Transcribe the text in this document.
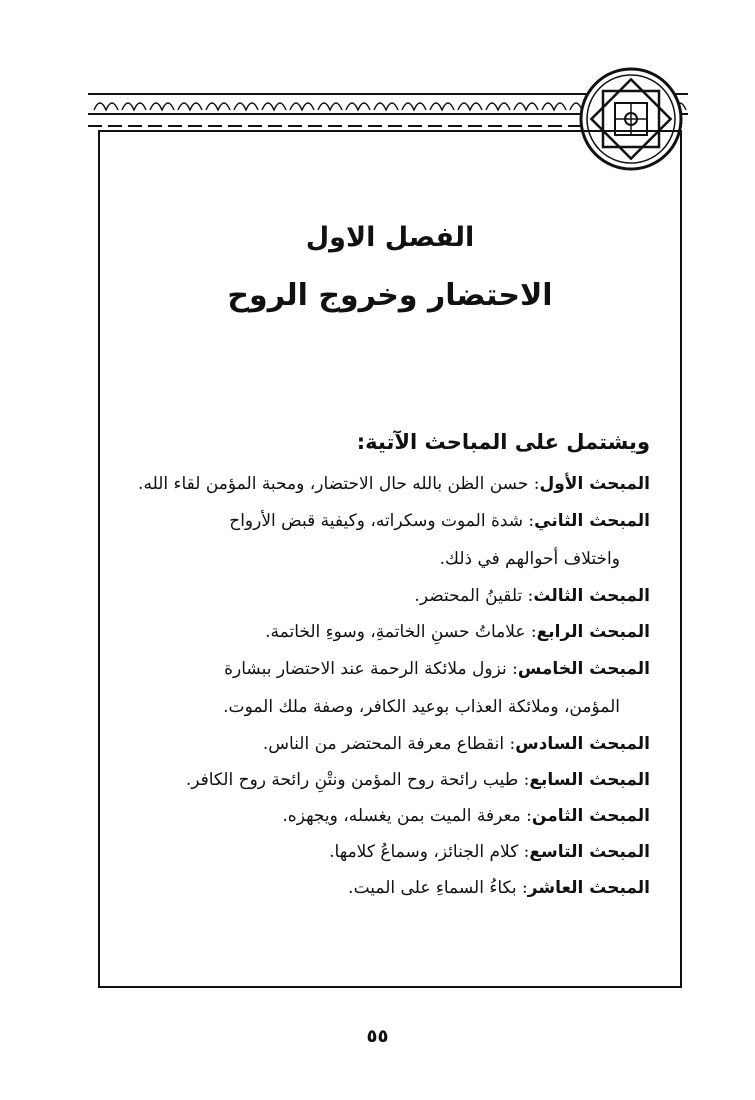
الفصل الاول
الاحتضار وخروج الروح

ويشتمل على المباحث الآتية:

المبحث الأول: حسن الظن بالله حال الاحتضار، ومحبة المؤمن لقاء الله.
المبحث الثاني: شدة الموت وسكراته، وكيفية قبض الأرواح
واختلاف أحوالهم في ذلك.
المبحث الثالث: تلقينُ المحتضر.
المبحث الرابع: علاماتُ حسنِ الخاتمةِ، وسوءِ الخاتمة.
المبحث الخامس: نزول ملائكة الرحمة عند الاحتضار ببشارة
المؤمن، وملائكة العذاب بوعيد الكافر، وصفة ملك الموت.
المبحث السادس: انقطاع معرفة المحتضر من الناس.
المبحث السابع: طيب رائحة روح المؤمن ونتْنِ رائحة روح الكافر.
المبحث الثامن: معرفة الميت بمن يغسله، ويجهزه.
المبحث التاسع: كلام الجنائز، وسماعُ كلامها.
المبحث العاشر: بكاءُ السماءِ على الميت.
٥٥
